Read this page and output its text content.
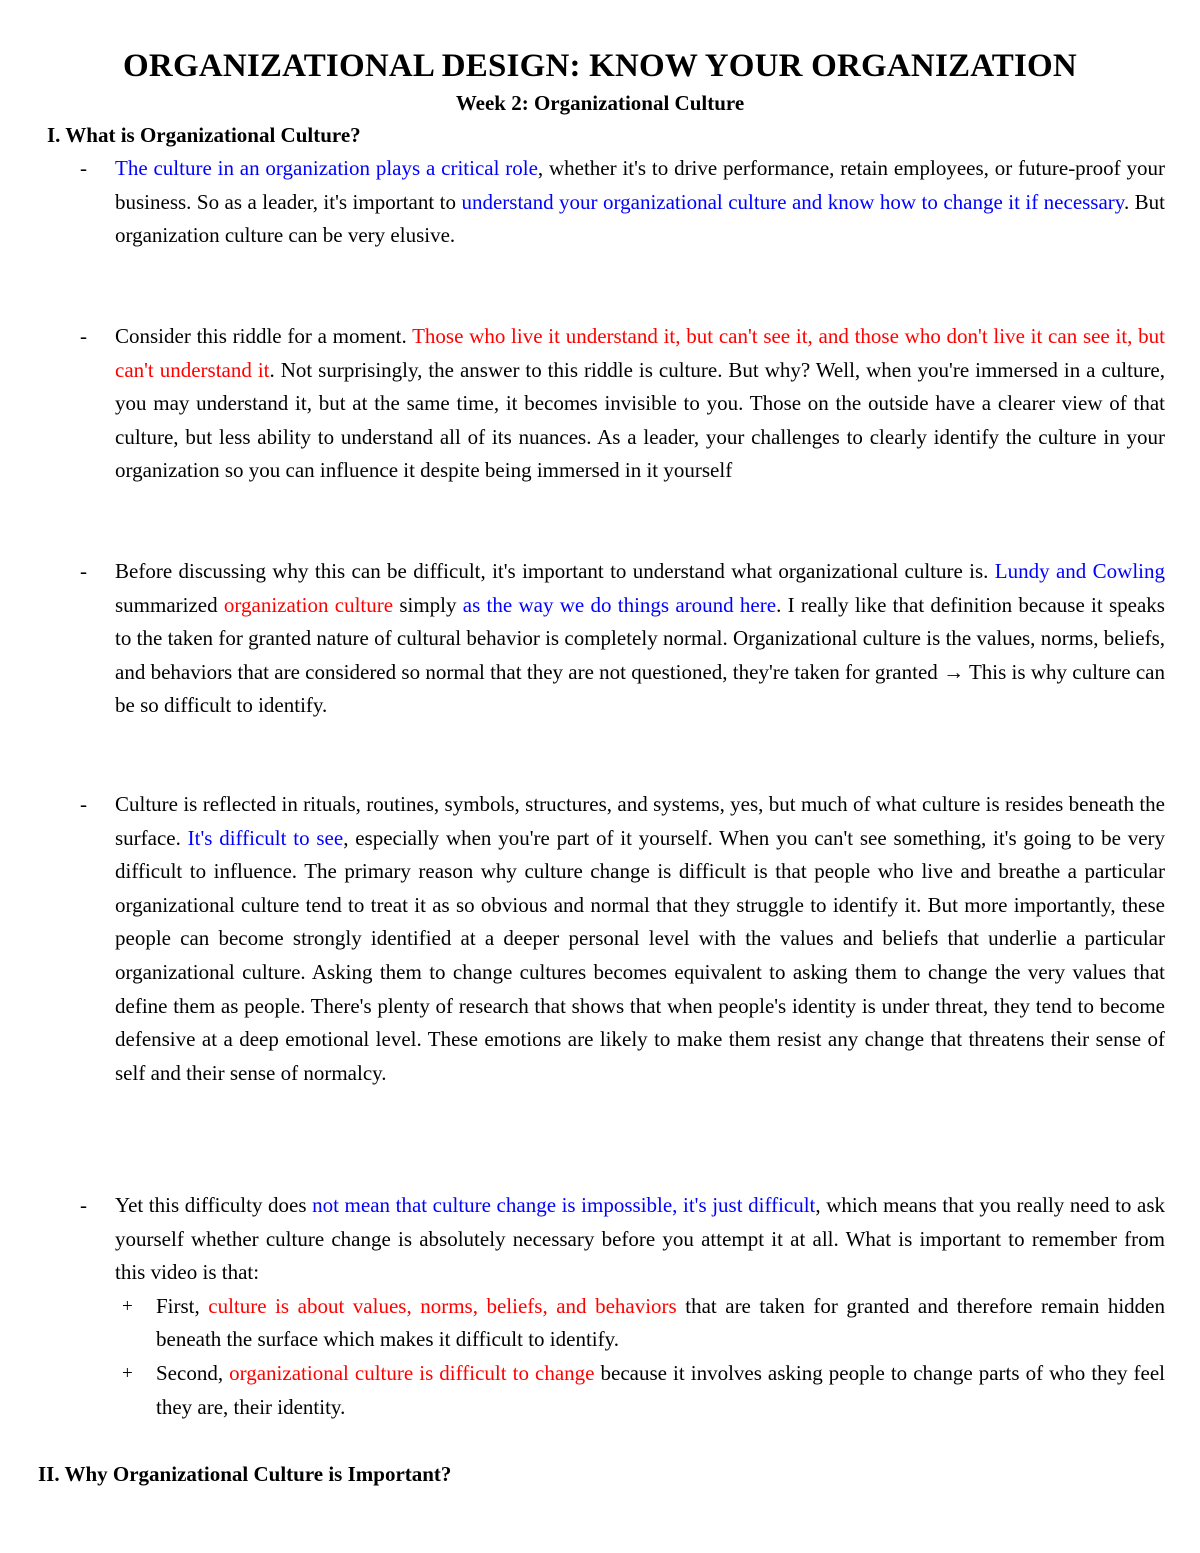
ORGANIZATIONAL DESIGN: KNOW YOUR ORGANIZATION
Week 2: Organizational Culture
I. What is Organizational Culture?
- The culture in an organization plays a critical role, whether it's to drive performance, retain employees, or future-proof your business. So as a leader, it's important to understand your organizational culture and know how to change it if necessary. But organization culture can be very elusive.
- Consider this riddle for a moment. Those who live it understand it, but can't see it, and those who don't live it can see it, but can't understand it. Not surprisingly, the answer to this riddle is culture. But why? Well, when you're immersed in a culture, you may understand it, but at the same time, it becomes invisible to you. Those on the outside have a clearer view of that culture, but less ability to understand all of its nuances. As a leader, your challenges to clearly identify the culture in your organization so you can influence it despite being immersed in it yourself
- Before discussing why this can be difficult, it's important to understand what organizational culture is. Lundy and Cowling summarized organization culture simply as the way we do things around here. I really like that definition because it speaks to the taken for granted nature of cultural behavior is completely normal. Organizational culture is the values, norms, beliefs, and behaviors that are considered so normal that they are not questioned, they're taken for granted → This is why culture can be so difficult to identify.
- Culture is reflected in rituals, routines, symbols, structures, and systems, yes, but much of what culture is resides beneath the surface. It's difficult to see, especially when you're part of it yourself. When you can't see something, it's going to be very difficult to influence. The primary reason why culture change is difficult is that people who live and breathe a particular organizational culture tend to treat it as so obvious and normal that they struggle to identify it. But more importantly, these people can become strongly identified at a deeper personal level with the values and beliefs that underlie a particular organizational culture. Asking them to change cultures becomes equivalent to asking them to change the very values that define them as people. There's plenty of research that shows that when people's identity is under threat, they tend to become defensive at a deep emotional level. These emotions are likely to make them resist any change that threatens their sense of self and their sense of normalcy.
- Yet this difficulty does not mean that culture change is impossible, it's just difficult, which means that you really need to ask yourself whether culture change is absolutely necessary before you attempt it at all. What is important to remember from this video is that:
+ First, culture is about values, norms, beliefs, and behaviors that are taken for granted and therefore remain hidden beneath the surface which makes it difficult to identify.
+ Second, organizational culture is difficult to change because it involves asking people to change parts of who they feel they are, their identity.
II. Why Organizational Culture is Important?
